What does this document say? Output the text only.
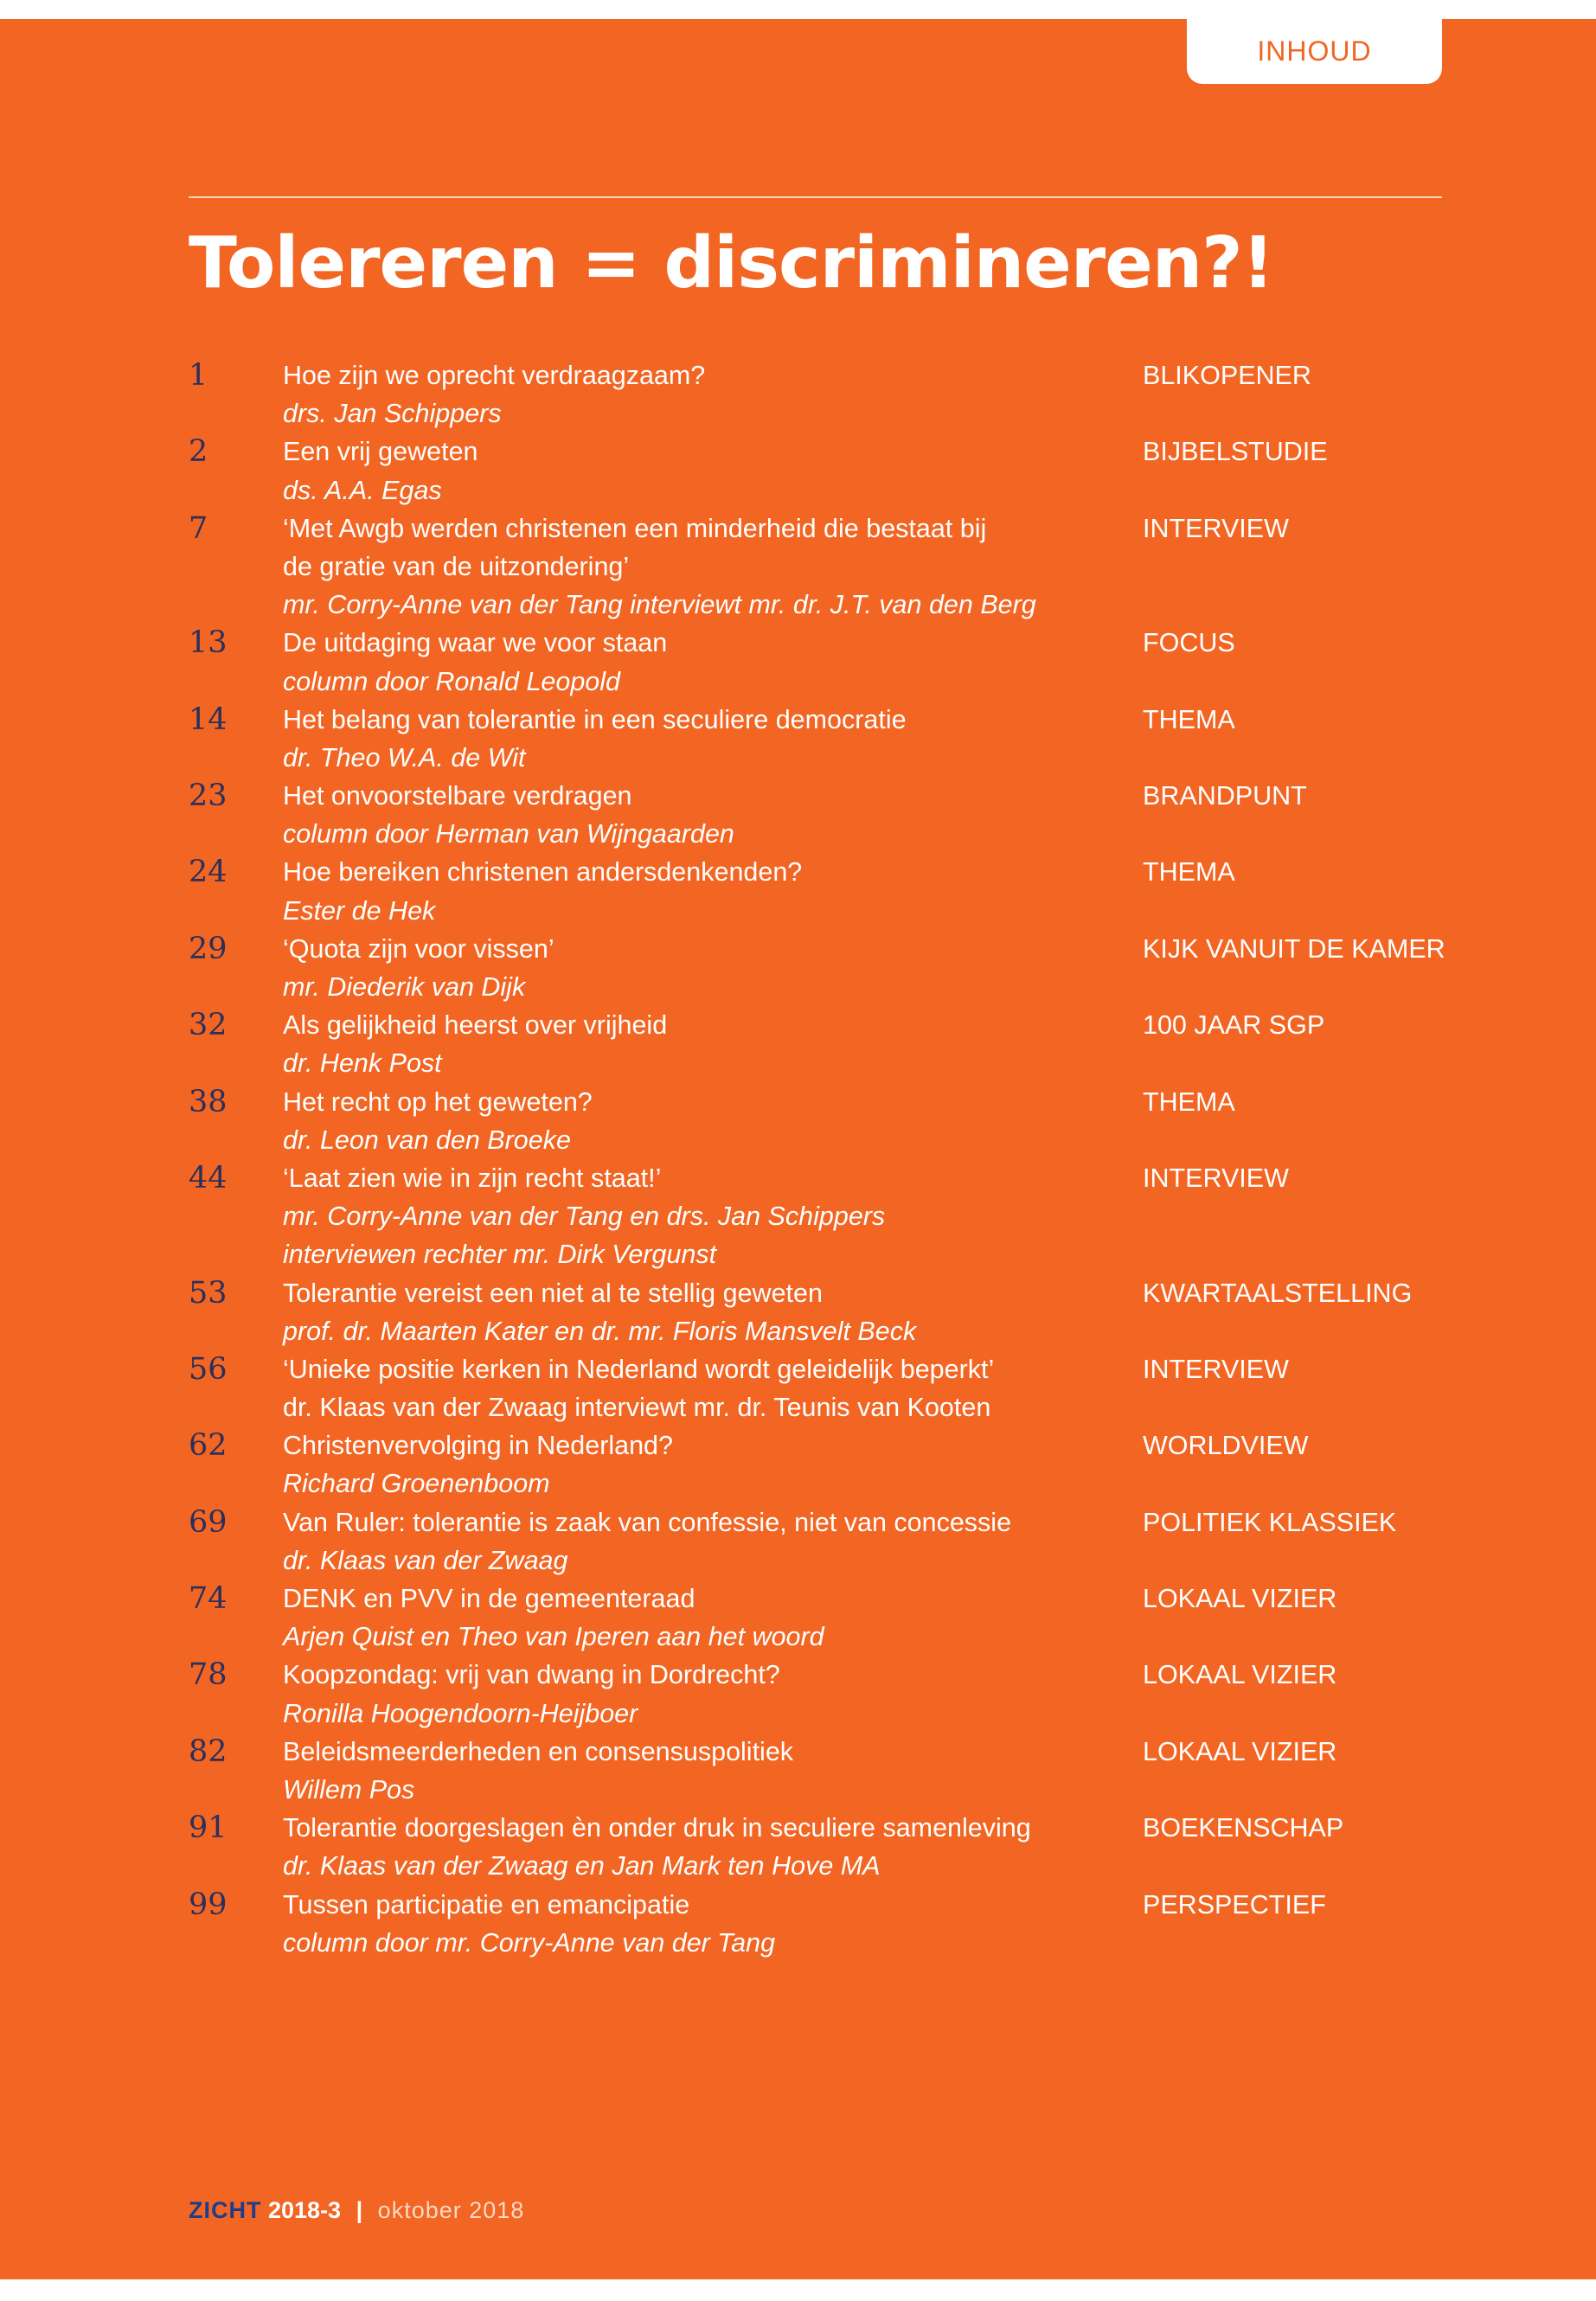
INHOUD
Tolereren = discrimineren?!
1	Hoe zijn we oprecht verdraagzaam?
drs. Jan Schippers
BLIKOPENER
2	Een vrij geweten
ds. A.A. Egas
BIJBELSTUDIE
7	‘Met Awgb werden christenen een minderheid die bestaat bij
de gratie van de uitzondering’
mr. Corry-Anne van der Tang interviewt mr. dr. J.T. van den Berg
INTERVIEW
13 De uitdaging waar we voor staan
column door Ronald Leopold
FOCUS
14 Het belang van tolerantie in een seculiere democratie
dr. Theo W.A. de Wit
THEMA
23 Het onvoorstelbare verdragen
column door Herman van Wijngaarden
BRANDPUNT
24 Hoe bereiken christenen andersdenkenden?
Ester de Hek
THEMA
29 ‘Quota zijn voor vissen’
mr. Diederik van Dijk
KIJK VANUIT DE KAMER
32 Als gelijkheid heerst over vrijheid
dr. Henk Post
100 JAAR SGP
38 Het recht op het geweten?
dr. Leon van den Broeke
THEMA
44 ‘Laat zien wie in zijn recht staat!’
mr. Corry-Anne van der Tang en drs. Jan Schippers
interviewen rechter mr. Dirk Vergunst
INTERVIEW
53 Tolerantie vereist een niet al te stellig geweten
prof. dr. Maarten Kater en dr. mr. Floris Mansvelt Beck
KWARTAALSTELLING
56 ‘Unieke positie kerken in Nederland wordt geleidelijk beperkt’
dr. Klaas van der Zwaag interviewt mr. dr. Teunis van Kooten
INTERVIEW
62 Christenvervolging in Nederland?
Richard Groenenboom
WORLDVIEW
69 Van Ruler: tolerantie is zaak van confessie, niet van concessie
dr. Klaas van der Zwaag
POLITIEK KLASSIEK
74 DENK en PVV in de gemeenteraad
Arjen Quist en Theo van Iperen aan het woord
LOKAAL VIZIER
78 Koopzondag: vrij van dwang in Dordrecht?
Ronilla Hoogendoorn-Heijboer
LOKAAL VIZIER
82 Beleidsmeerderheden en consensuspolitiek
Willem Pos
LOKAAL VIZIER
91 Tolerantie doorgeslagen èn onder druk in seculiere samenleving
dr. Klaas van der Zwaag en Jan Mark ten Hove MA
BOEKENSCHAP
99 Tussen participatie en emancipatie
column door mr. Corry-Anne van der Tang
PERSPECTIEF
ZICHT 2018-3 | oktober 2018
